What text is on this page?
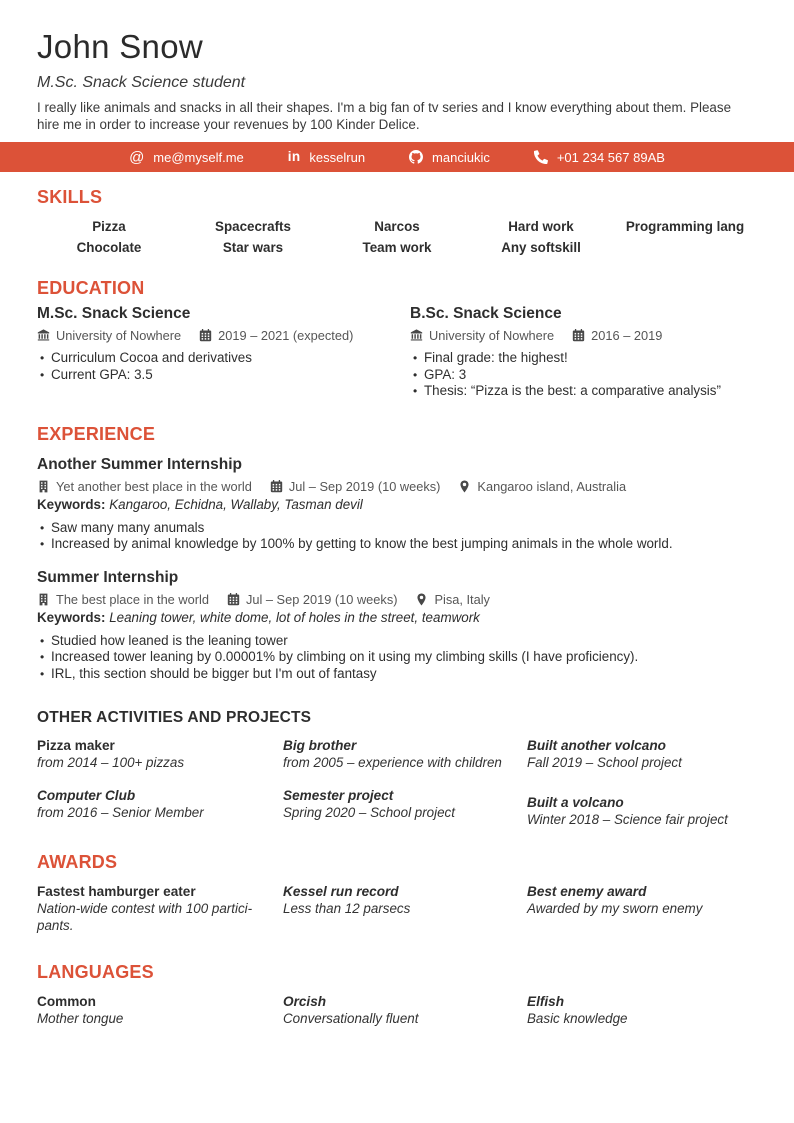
John Snow
M.Sc. Snack Science student

I really like animals and snacks in all their shapes. I'm a big fan of tv series and I know everything about them. Please hire me in order to increase your revenues by 100 Kinder Delice.

@ me@myself.me	in kesselrun	manciukic	+01 234 567 89AB
SKILLS
Pizza	Spacecrafts	Narcos	Hard work	Programming lang
Chocolate	Star wars	Team work	Any softskill
EDUCATION
M.Sc. Snack Science
University of Nowhere	2019 – 2021 (expected)
• Curriculum Cocoa and derivatives
• Current GPA: 3.5
B.Sc. Snack Science
University of Nowhere	2016 – 2019
• Final grade: the highest!
• GPA: 3
• Thesis: “Pizza is the best: a comparative analysis”
EXPERIENCE
Another Summer Internship
Yet another best place in the world	Jul – Sep 2019 (10 weeks)	Kangaroo island, Australia
Keywords: Kangaroo, Echidna, Wallaby, Tasman devil
• Saw many many anumals
• Increased by animal knowledge by 100% by getting to know the best jumping animals in the whole world.
Summer Internship
The best place in the world	Jul – Sep 2019 (10 weeks)	Pisa, Italy
Keywords: Leaning tower, white dome, lot of holes in the street, teamwork
• Studied how leaned is the leaning tower
• Increased tower leaning by 0.00001% by climbing on it using my climbing skills (I have proficiency).
• IRL, this section should be bigger but I'm out of fantasy
OTHER ACTIVITIES AND PROJECTS
Pizza maker
from 2014 – 100+ pizzas
Big brother
from 2005 – experience with children
Built another volcano
Fall 2019 – School project
Computer Club
from 2016 – Senior Member
Semester project
Spring 2020 – School project
Built a volcano
Winter 2018 – Science fair project
AWARDS
Fastest hamburger eater
Nation-wide contest with 100 participants.
Kessel run record
Less than 12 parsecs
Best enemy award
Awarded by my sworn enemy
LANGUAGES
Common
Mother tongue
Orcish
Conversationally fluent
Elfish
Basic knowledge
